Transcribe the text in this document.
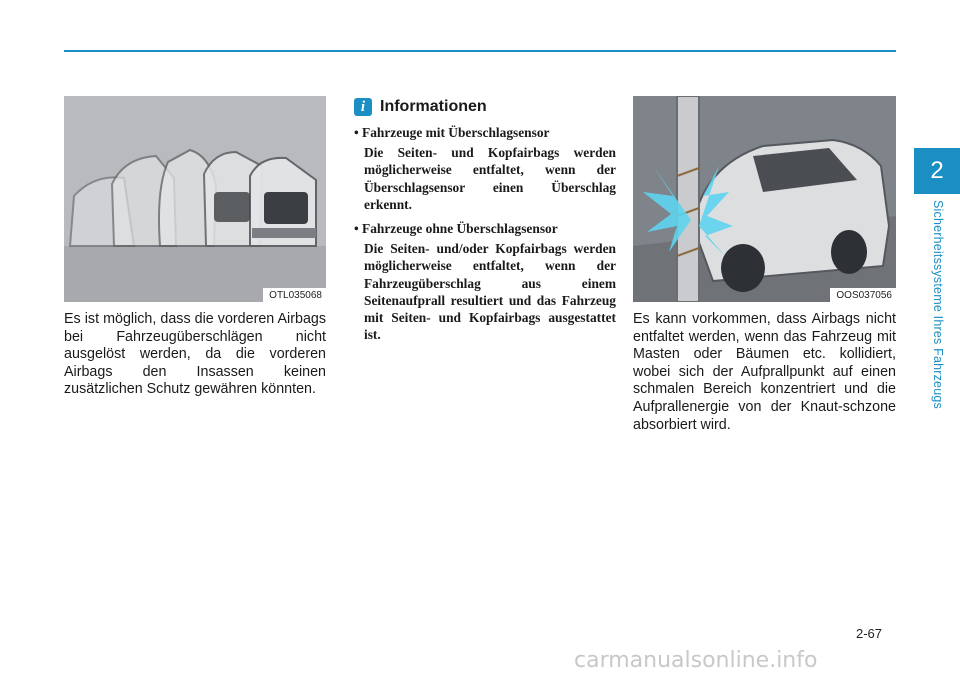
2
Sicherheitssysteme Ihres Fahrzeugs
OTL035068
Es ist möglich, dass die vorderen Airbags bei Fahrzeugüberschlägen nicht ausgelöst werden, da die vorderen Airbags den Insassen keinen zusätzlichen Schutz gewähren könnten.
i Informationen

• Fahrzeuge mit Überschlagsensor

Die Seiten- und Kopfairbags werden möglicherweise entfaltet, wenn der Überschlagsensor einen Überschlag erkennt.

• Fahrzeuge ohne Überschlagsensor

Die Seiten- und/oder Kopfairbags werden möglicherweise entfaltet, wenn der Fahrzeugüberschlag aus einem Seitenaufprall resultiert und das Fahrzeug mit Seiten- und Kopfairbags ausgestattet ist.

OOS037056
Es kann vorkommen, dass Airbags nicht entfaltet werden, wenn das Fahrzeug mit Masten oder Bäumen etc. kollidiert, wobei sich der Aufprallpunkt auf einen schmalen Bereich konzentriert und die Aufprallenergie von der Knaut-schzone absorbiert wird.
2-67
carmanualsonline.info
